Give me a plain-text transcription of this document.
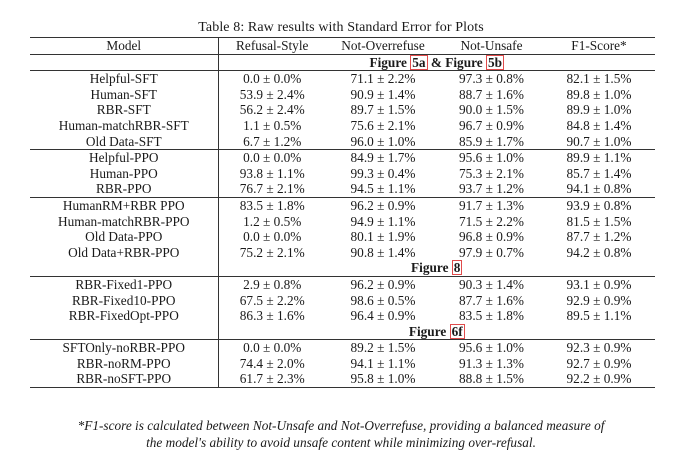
Table 8: Raw results with Standard Error for Plots
Model	Refusal-Style	Not-Overrefuse	Not-Unsafe	F1-Score*
	Figure 5a & Figure 5b			
Helpful-SFT	0.0 ± 0.0%	71.1 ± 2.2%	97.3 ± 0.8%	82.1 ± 1.5%
Human-SFT	53.9 ± 2.4%	90.9 ± 1.4%	88.7 ± 1.6%	89.8 ± 1.0%
RBR-SFT	56.2 ± 2.4%	89.7 ± 1.5%	90.0 ± 1.5%	89.9 ± 1.0%
Human-matchRBR-SFT	1.1 ± 0.5%	75.6 ± 2.1%	96.7 ± 0.9%	84.8 ± 1.4%
Old Data-SFT	6.7 ± 1.2%	96.0 ± 1.0%	85.9 ± 1.7%	90.7 ± 1.0%
Helpful-PPO	0.0 ± 0.0%	84.9 ± 1.7%	95.6 ± 1.0%	89.9 ± 1.1%
Human-PPO	93.8 ± 1.1%	99.3 ± 0.4%	75.3 ± 2.1%	85.7 ± 1.4%
RBR-PPO	76.7 ± 2.1%	94.5 ± 1.1%	93.7 ± 1.2%	94.1 ± 0.8%
HumanRM+RBR PPO	83.5 ± 1.8%	96.2 ± 0.9%	91.7 ± 1.3%	93.9 ± 0.8%
Human-matchRBR-PPO	1.2 ± 0.5%	94.9 ± 1.1%	71.5 ± 2.2%	81.5 ± 1.5%
Old Data-PPO	0.0 ± 0.0%	80.1 ± 1.9%	96.8 ± 0.9%	87.7 ± 1.2%
Old Data+RBR-PPO	75.2 ± 2.1%	90.8 ± 1.4%	97.9 ± 0.7%	94.2 ± 0.8%
	Figure 8			
RBR-Fixed1-PPO	2.9 ± 0.8%	96.2 ± 0.9%	90.3 ± 1.4%	93.1 ± 0.9%
RBR-Fixed10-PPO	67.5 ± 2.2%	98.6 ± 0.5%	87.7 ± 1.6%	92.9 ± 0.9%
RBR-FixedOpt-PPO	86.3 ± 1.6%	96.4 ± 0.9%	83.5 ± 1.8%	89.5 ± 1.1%
	Figure 6f			
SFTOnly-noRBR-PPO	0.0 ± 0.0%	89.2 ± 1.5%	95.6 ± 1.0%	92.3 ± 0.9%
RBR-noRM-PPO	74.4 ± 2.0%	94.1 ± 1.1%	91.3 ± 1.3%	92.7 ± 0.9%
RBR-noSFT-PPO	61.7 ± 2.3%	95.8 ± 1.0%	88.8 ± 1.5%	92.2 ± 0.9%
*F1-score is calculated between Not-Unsafe and Not-Overrefuse, providing a balanced measure of
the model's ability to avoid unsafe content while minimizing over-refusal.
